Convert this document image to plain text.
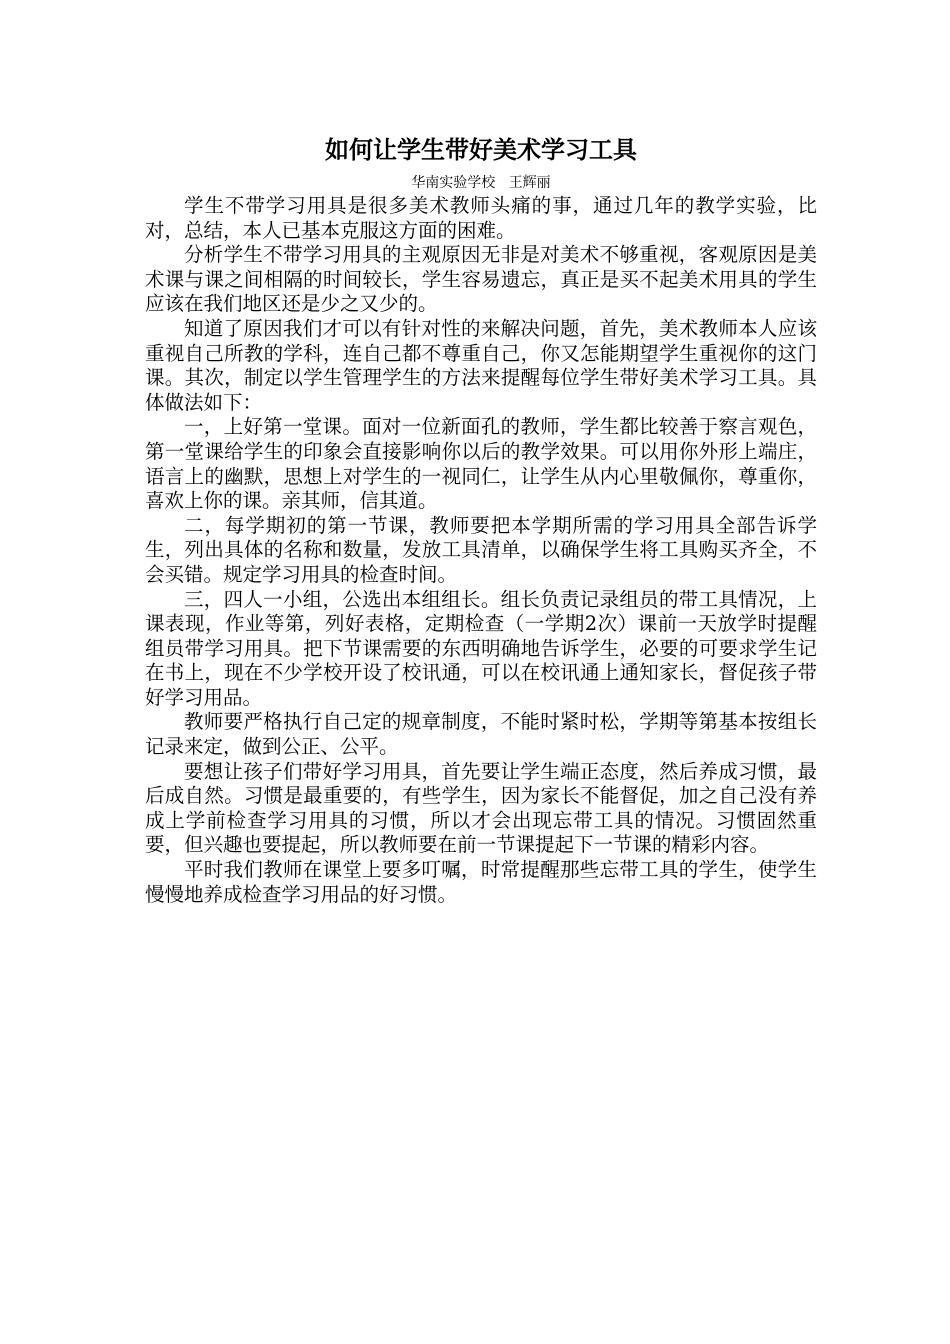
如何让学生带好美术学习工具

华南实验学校   王辉丽

学生不带学习用具是很多美术教师头痛的事，通过几年的教学实验，比对，总结，本人已基本克服这方面的困难。

分析学生不带学习用具的主观原因无非是对美术不够重视，客观原因是美术课与课之间相隔的时间较长，学生容易遗忘，真正是买不起美术用具的学生应该在我们地区还是少之又少的。

知道了原因我们才可以有针对性的来解决问题，首先，美术教师本人应该重视自己所教的学科，连自己都不尊重自己，你又怎能期望学生重视你的这门课。其次，制定以学生管理学生的方法来提醒每位学生带好美术学习工具。具体做法如下：

一，上好第一堂课。面对一位新面孔的教师，学生都比较善于察言观色，第一堂课给学生的印象会直接影响你以后的教学效果。可以用你外形上端庄，语言上的幽默，思想上对学生的一视同仁，让学生从内心里敬佩你，尊重你，喜欢上你的课。亲其师，信其道。

二，每学期初的第一节课，教师要把本学期所需的学习用具全部告诉学生，列出具体的名称和数量，发放工具清单，以确保学生将工具购买齐全，不会买错。规定学习用具的检查时间。

三，四人一小组，公选出本组组长。组长负责记录组员的带工具情况，上课表现，作业等第，列好表格，定期检查（一学期2次）课前一天放学时提醒组员带学习用具。把下节课需要的东西明确地告诉学生，必要的可要求学生记在书上，现在不少学校开设了校讯通，可以在校讯通上通知家长，督促孩子带好学习用品。

教师要严格执行自己定的规章制度，不能时紧时松，学期等第基本按组长记录来定，做到公正、公平。

要想让孩子们带好学习用具，首先要让学生端正态度，然后养成习惯，最后成自然。习惯是最重要的，有些学生，因为家长不能督促，加之自己没有养成上学前检查学习用具的习惯，所以才会出现忘带工具的情况。习惯固然重要，但兴趣也要提起，所以教师要在前一节课提起下一节课的精彩内容。

平时我们教师在课堂上要多叮嘱，时常提醒那些忘带工具的学生，使学生慢慢地养成检查学习用品的好习惯。
